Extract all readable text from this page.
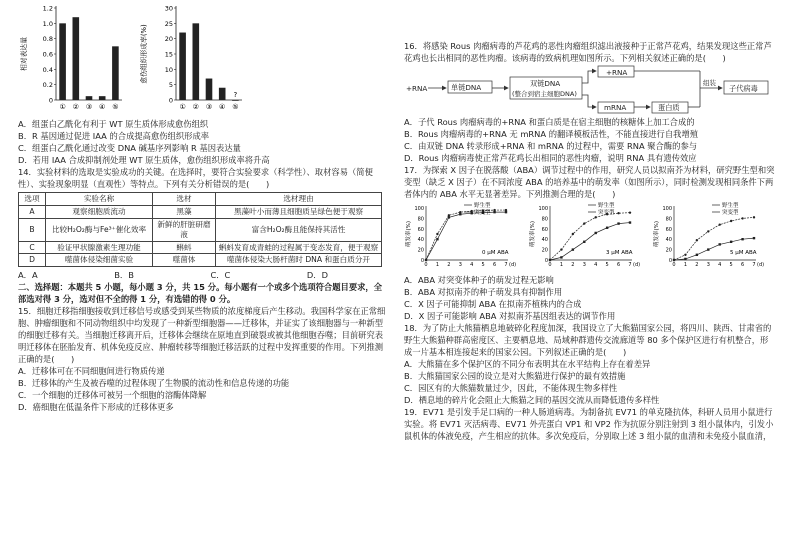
0
0.2
0.4
0.6
0.8
1.0
1.2
相对表达量
① ② ③ ④ ⑤
0
5
10
15
20
25
30
愈伤组织形成率(%)
① ② ③ ④ ⑤
?

A．组蛋白乙酰化有利于 WT 原生质体形成愈伤组织

B．R 基因通过促进 IAA 的合成提高愈伤组织形成率

C．组蛋白乙酰化通过改变 DNA 碱基序列影响 R 基因表达量

D．若用 IAA 合成抑制剂处理 WT 原生质体，愈伤组织形成率将升高

14．实验材料的选取是实验成功的关键。在选择时，要符合实验要求（科学性）、取材容易（简便性）、实验现象明显（直观性）等特点。下列有关分析错误的是(　　)

选项	实验名称	选材	选材理由
A	观察细胞质流动	黑藻	黑藻叶小而薄且细胞质呈绿色便于观察
B	比较H₂O₂酶与Fe³⁺催化效率	新鲜的肝脏研磨液	富含H₂O₂酶且能保持其活性
C	验证甲状腺激素生理功能	蝌蚪	蝌蚪发育成青蛙的过程属于变态发育，便于观察
D	噬菌体侵染细菌实验	噬菌体	噬菌体侵染大肠杆菌时 DNA 和蛋白质分开
A．A	B．B	C．C	D．D

二、选择题：本题共 5 小题，每小题 3 分，共 15 分。每小题有一个或多个选项符合题目要求，全部选对得 3 分，选对但不全的得 1 分，有选错的得 0 分。

15．细胞迁移指细胞接收到迁移信号或感受到某些物质的浓度梯度后产生移动。我国科学家在正常细胞、肿瘤细胞和不同动物组织中均发现了一种新型细胞器——迁移体，并证实了该细胞器与一种新型的细胞迁移有关。当细胞迁移离开后，迁移体会继续在原地直到破裂或被其他细胞吞噬；目前研究表明迁移体在胚胎发育、机体免疫反应、肿瘤转移等细胞迁移活跃的过程中发挥重要的作用。下列推测正确的是(　　)

A．迁移体可在不同细胞间进行物质传递

B．迁移体的产生及被吞噬的过程体现了生物膜的流动性和信息传递的功能

C．一个细胞的迁移体可被另一个细胞的溶酶体降解

D．癌细胞在低温条件下形成的迁移体更多

16．将感染 Rous 肉瘤病毒的芦花鸡的恶性肉瘤组织滤出液接种于正常芦花鸡，结果发现这些正常芦花鸡也长出相同的恶性肉瘤。该病毒的致病机理如图所示。下列相关叙述正确的是(　　)

+RNA	单链DNA	双链DNA
(整合到宿主细胞DNA)
+RNA
mRNA	蛋白质
组装
子代病毒

A．子代 Rous 肉瘤病毒的+RNA 和蛋白质是在宿主细胞的核糖体上加工合成的

B．Rous 肉瘤病毒的+RNA 无 mRNA 的翻译模板活性，不能直接进行自我增殖

C．由双链 DNA 转录形成+RNA 和 mRNA 的过程中，需要 RNA 聚合酶的参与

D．Rous 肉瘤病毒使正常芦花鸡长出相同的恶性肉瘤，说明 RNA 具有遗传效应

17．为探索 X 因子在脱落酸（ABA）调节过程中的作用，研究人员以拟南芥为材料，研究野生型和突变型（缺乏 X 因子）在不同浓度 ABA 的培养基中的萌发率（如图所示），同时检测发现相同条件下两者体内的 ABA 水平无显著差异。下列推测合理的是(　　)

0
20
40
60
80
100
0 1 2 3 4 5 6 7 (d)
萌发率(%)
野生型
突变型
0 μM ABA
0
20
40
60
80
100
0 1 2 3 4 5 6 7 (d)
萌发率(%)
野生型
突变型
3 μM ABA
0
20
40
60
80
100
0 1 2 3 4 5 6 7 (d)
萌发率(%)
野生型
突变型
5 μM ABA

A．ABA 对突变体种子的萌发过程无影响

B．ABA 对拟南芥的种子萌发具有抑制作用

C．X 因子可能抑制 ABA 在拟南芥植株内的合成

D．X 因子可能影响 ABA 对拟南芥基因组表达的调节作用

18．为了防止大熊猫栖息地破碎化程度加深，我国设立了大熊猫国家公园，将四川、陕西、甘肃省的野生大熊猫种群高密度区、主要栖息地、局域种群遗传交流廊道等 80 多个保护区进行有机整合，形成一片基本相连接起来的国家公园。下列叙述正确的是(　　)

A．大熊猫在多个保护区的不同分布表明其在水平结构上存在着差异

B．大熊猫国家公园的设立是对大熊猫进行保护的最有效措施

C．园区有的大熊猫数量过少，因此，不能体现生物多样性

D．栖息地的碎片化会阻止大熊猫之间的基因交流从而降低遗传多样性

19．EV71 是引发手足口病的一种人肠道病毒。为制备抗 EV71 的单克隆抗体，科研人员用小鼠进行实验。将 EV71 灭活病毒、EV71 外壳蛋白 VP1 和 VP2 作为抗原分别注射到 3 组小鼠体内，引发小鼠机体的体液免疫，产生相应的抗体。多次免疫后，分别取上述 3 组小鼠的血清和未免疫小鼠血清，
